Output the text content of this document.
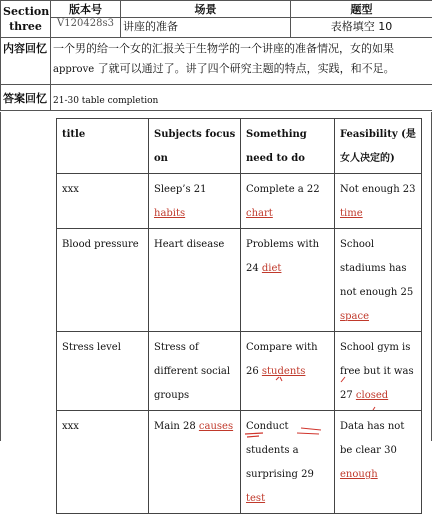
Section
three	版本号	场景	题型
	V120428s3	讲座的准备	表格填空 10
内容回忆	一个男的给一个女的汇报关于生物学的一个讲座的准备情况，女的如果
approve 了就可以通过了。讲了四个研究主题的特点，实践，和不足。		
答案回忆	21-30 table completion		
title	Subjects focus on	Something need to do	Feasibility (是女人决定的)
xxx	Sleep’s 21 habits	Complete a 22 chart	Not enough 23 time
Blood pressure	Heart disease	Problems with 24 diet	School stadiums has not enough 25 space
Stress level	Stress of different social groups	Compare with 26 students	School gym is free but it was 27 closed
xxx	Main 28 causes	Conduct students a surprising 29 test	Data has not be clear 30 enough
